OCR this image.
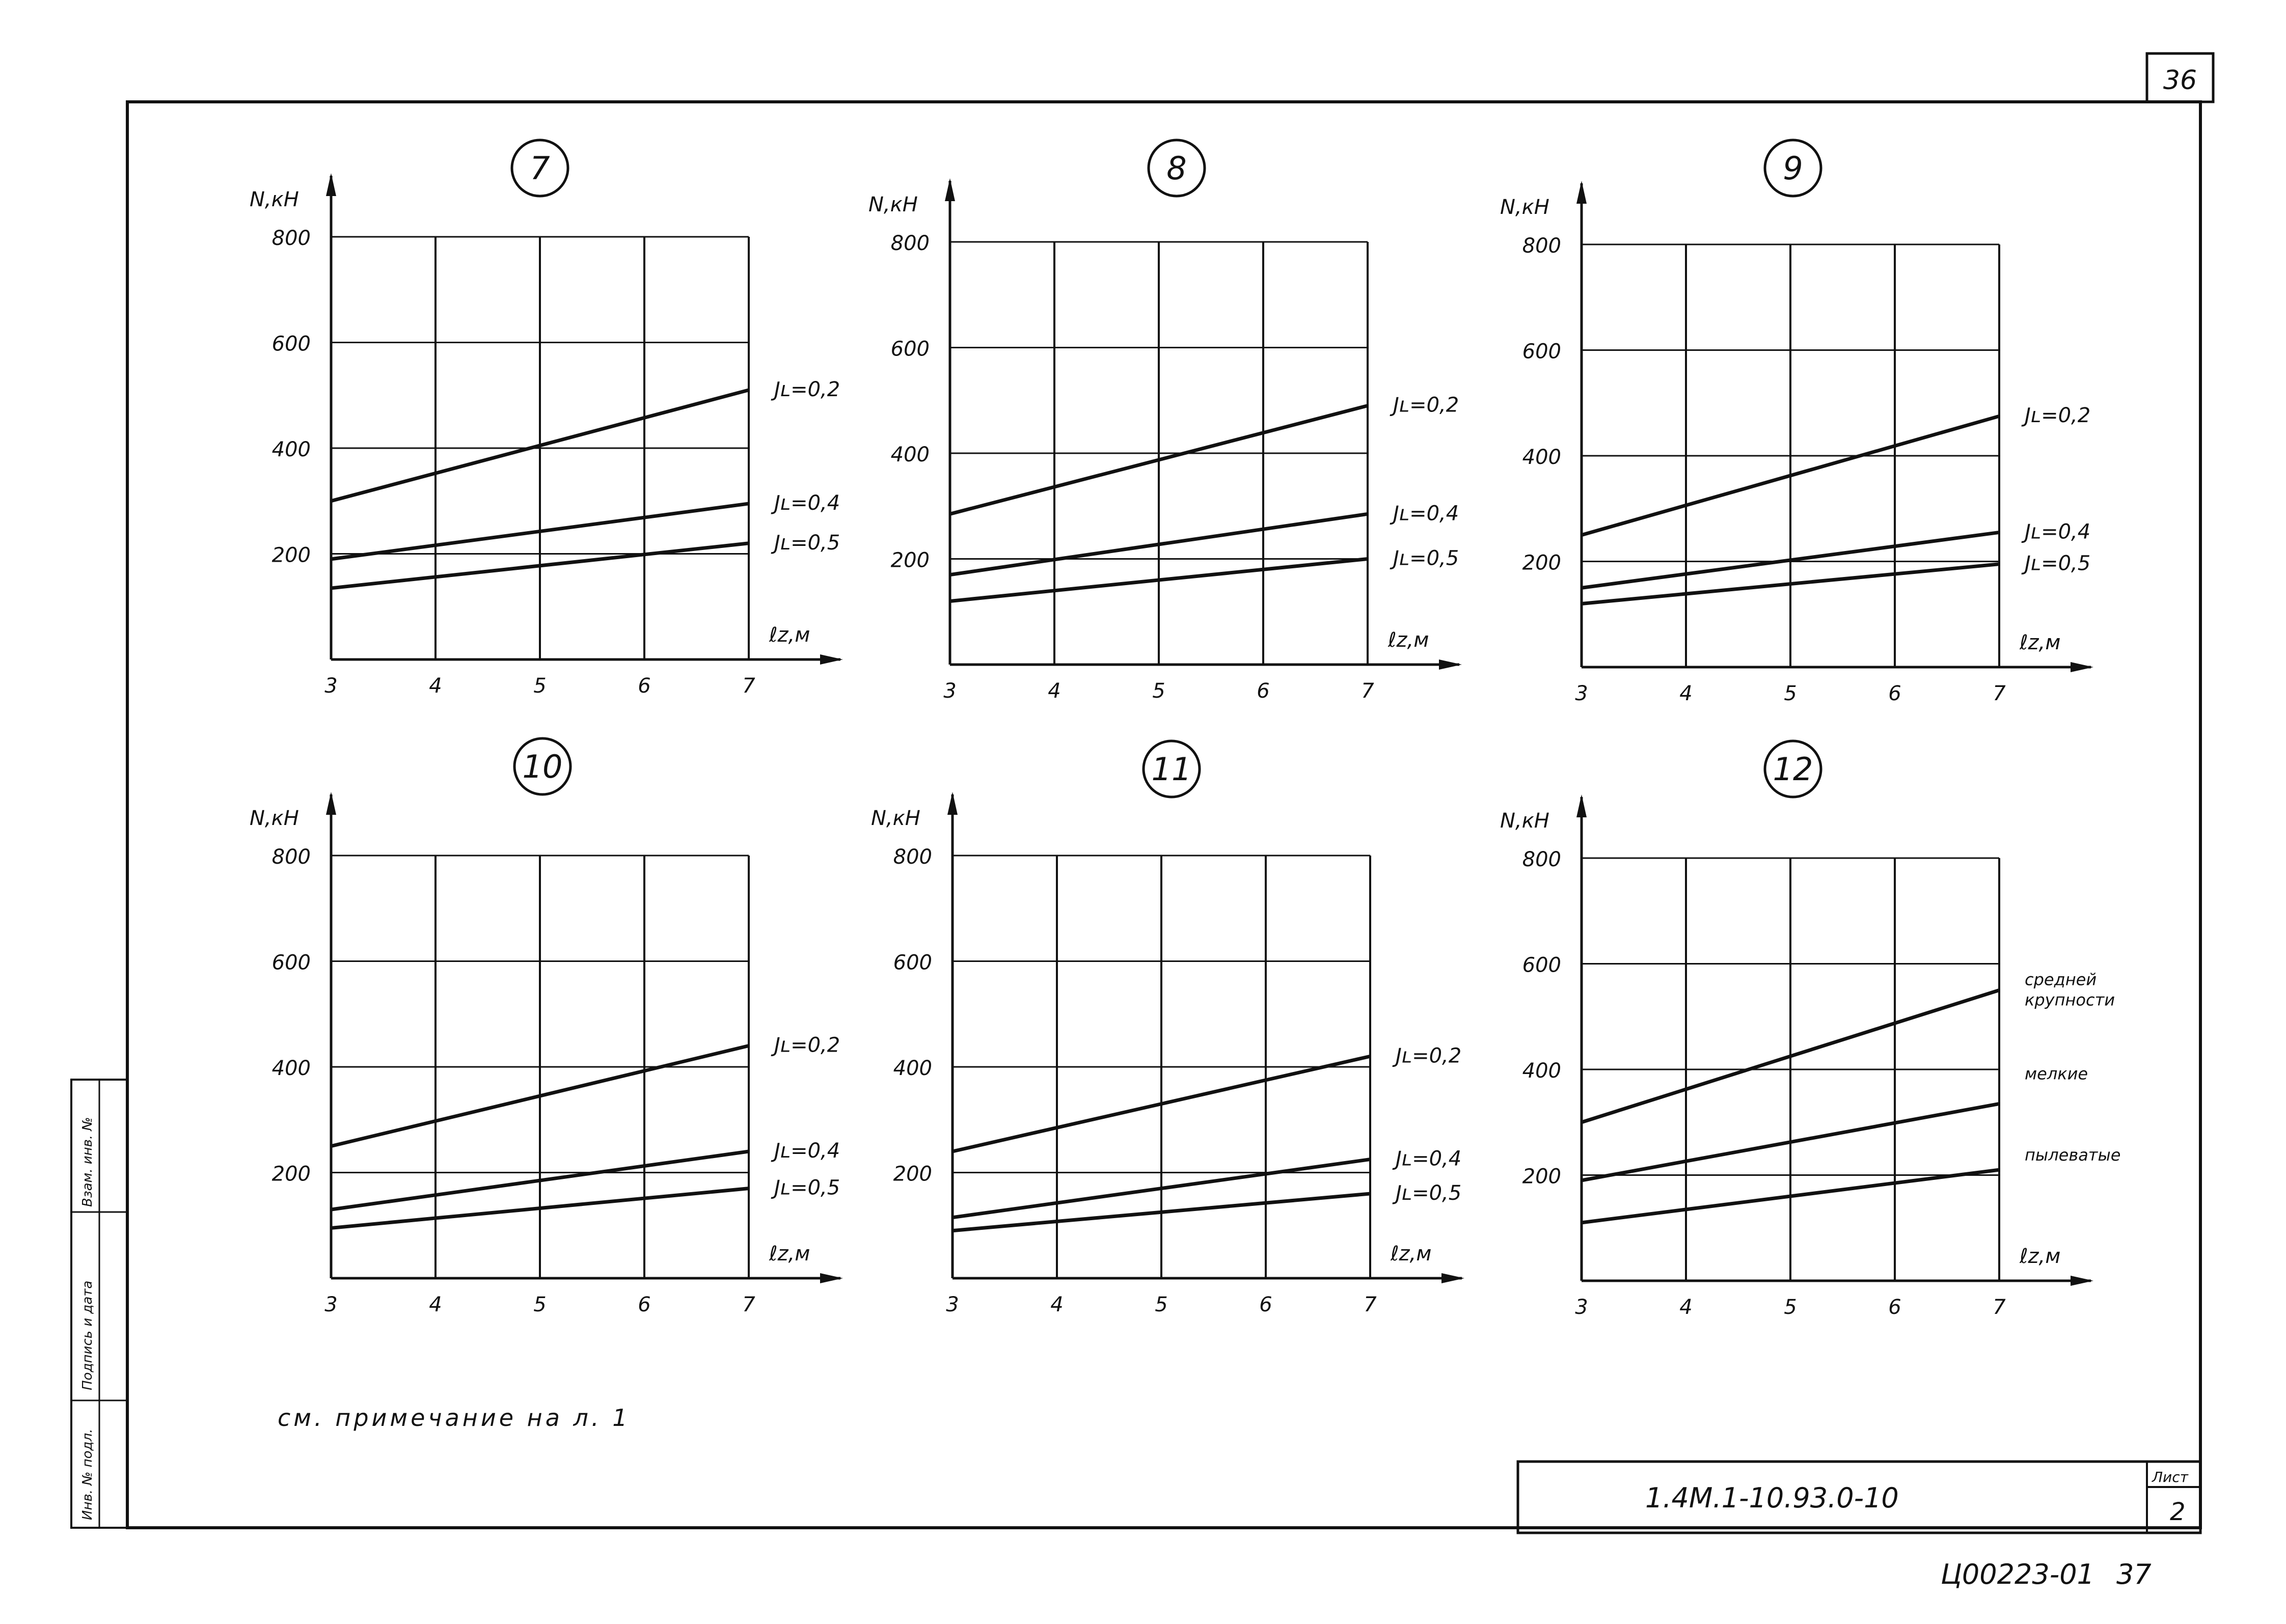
36
Инв. № подл.
Подпись и дата
Взам. инв. №
7
200
400
600
800
3	4	5	6	7
N,кН
ℓz,м
Jʟ=0,2
Jʟ=0,4
Jʟ=0,5
8
200
400
600
800
3	4	5	6	7
N,кН
ℓz,м
Jʟ=0,2
Jʟ=0,4
Jʟ=0,5
9
200
400
600
800
3	4	5	6	7
N,кН
ℓz,м
Jʟ=0,2
Jʟ=0,4
Jʟ=0,5
10
200
400
600
800
3	4	5	6	7
N,кН
ℓz,м
Jʟ=0,2
Jʟ=0,4
Jʟ=0,5
11
200
400
600
800
3	4	5	6	7
N,кН
ℓz,м
Jʟ=0,2
Jʟ=0,4
Jʟ=0,5
12
200
400
600
800
3	4	5	6	7
N,кН
ℓz,м
средней
крупности
мелкие
пылеватые
см. примечание на л. 1
1.4М.1-10.93.0-10
Лист
2
Ц00223-01 37
